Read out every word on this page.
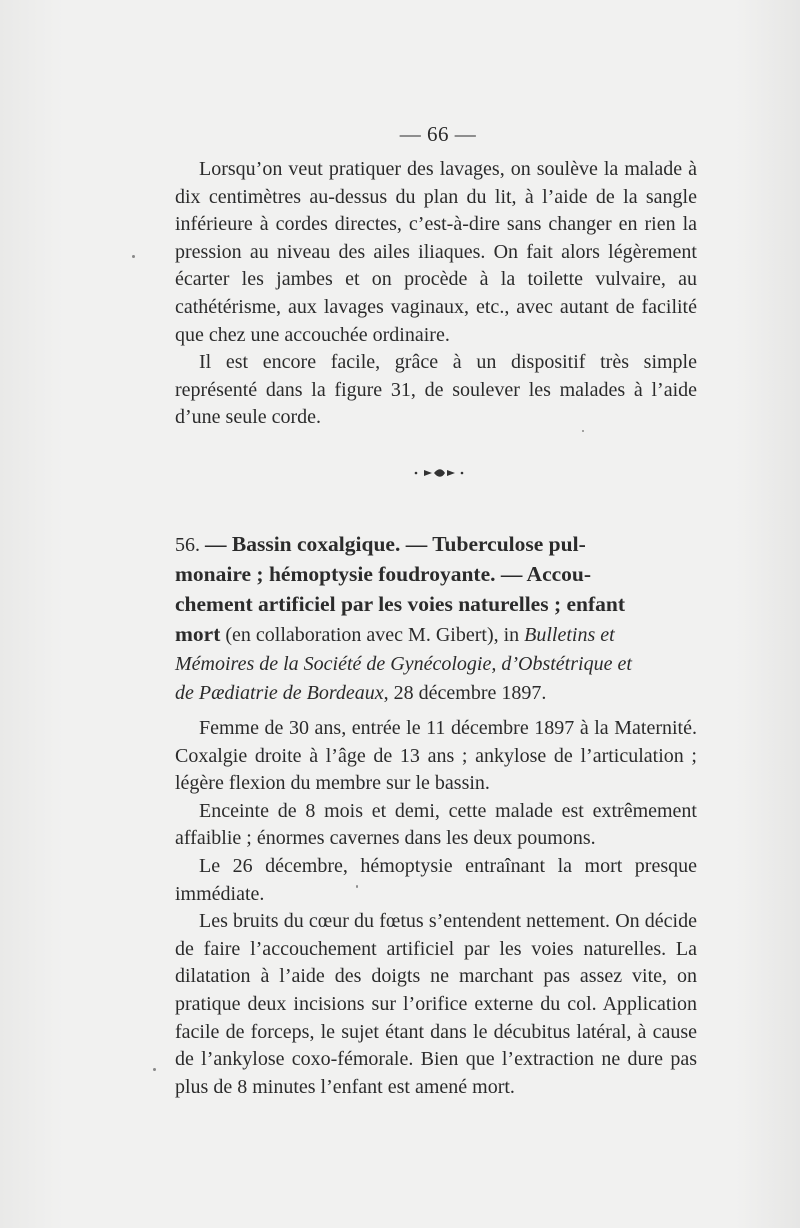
— 66 —

Lorsqu’on veut pratiquer des lavages, on soulève la malade à dix centimètres au-dessus du plan du lit, à l’aide de la sangle inférieure à cordes directes, c’est-à-dire sans changer en rien la pression au niveau des ailes iliaques. On fait alors légèrement écarter les jambes et on procède à la toilette vulvaire, au cathétérisme, aux lavages vaginaux, etc., avec autant de facilité que chez une accouchée ordinaire.

Il est encore facile, grâce à un dispositif très simple représenté dans la figure 31, de soulever les malades à l’aide d’une seule corde.

56. — Bassin coxalgique. — Tuberculose pul-

monaire ; hémoptysie foudroyante. — Accou-

chement artificiel par les voies naturelles ; enfant

mort (en collaboration avec M. Gibert), in Bulletins et

Mémoires de la Société de Gynécologie, d’Obstétrique et

de Pædiatrie de Bordeaux, 28 décembre 1897.

Femme de 30 ans, entrée le 11 décembre 1897 à la Maternité. Coxalgie droite à l’âge de 13 ans ; ankylose de l’articulation ; légère flexion du membre sur le bassin.

Enceinte de 8 mois et demi, cette malade est extrêmement affaiblie ; énormes cavernes dans les deux poumons.

Le 26 décembre, hémoptysie entraînant la mort presque immédiate.

Les bruits du cœur du fœtus s’entendent nettement. On décide de faire l’accouchement artificiel par les voies naturelles. La dilatation à l’aide des doigts ne marchant pas assez vite, on pratique deux incisions sur l’orifice externe du col. Application facile de forceps, le sujet étant dans le décubitus latéral, à cause de l’ankylose coxo-fémorale. Bien que l’extraction ne dure pas plus de 8 minutes l’enfant est amené mort.
